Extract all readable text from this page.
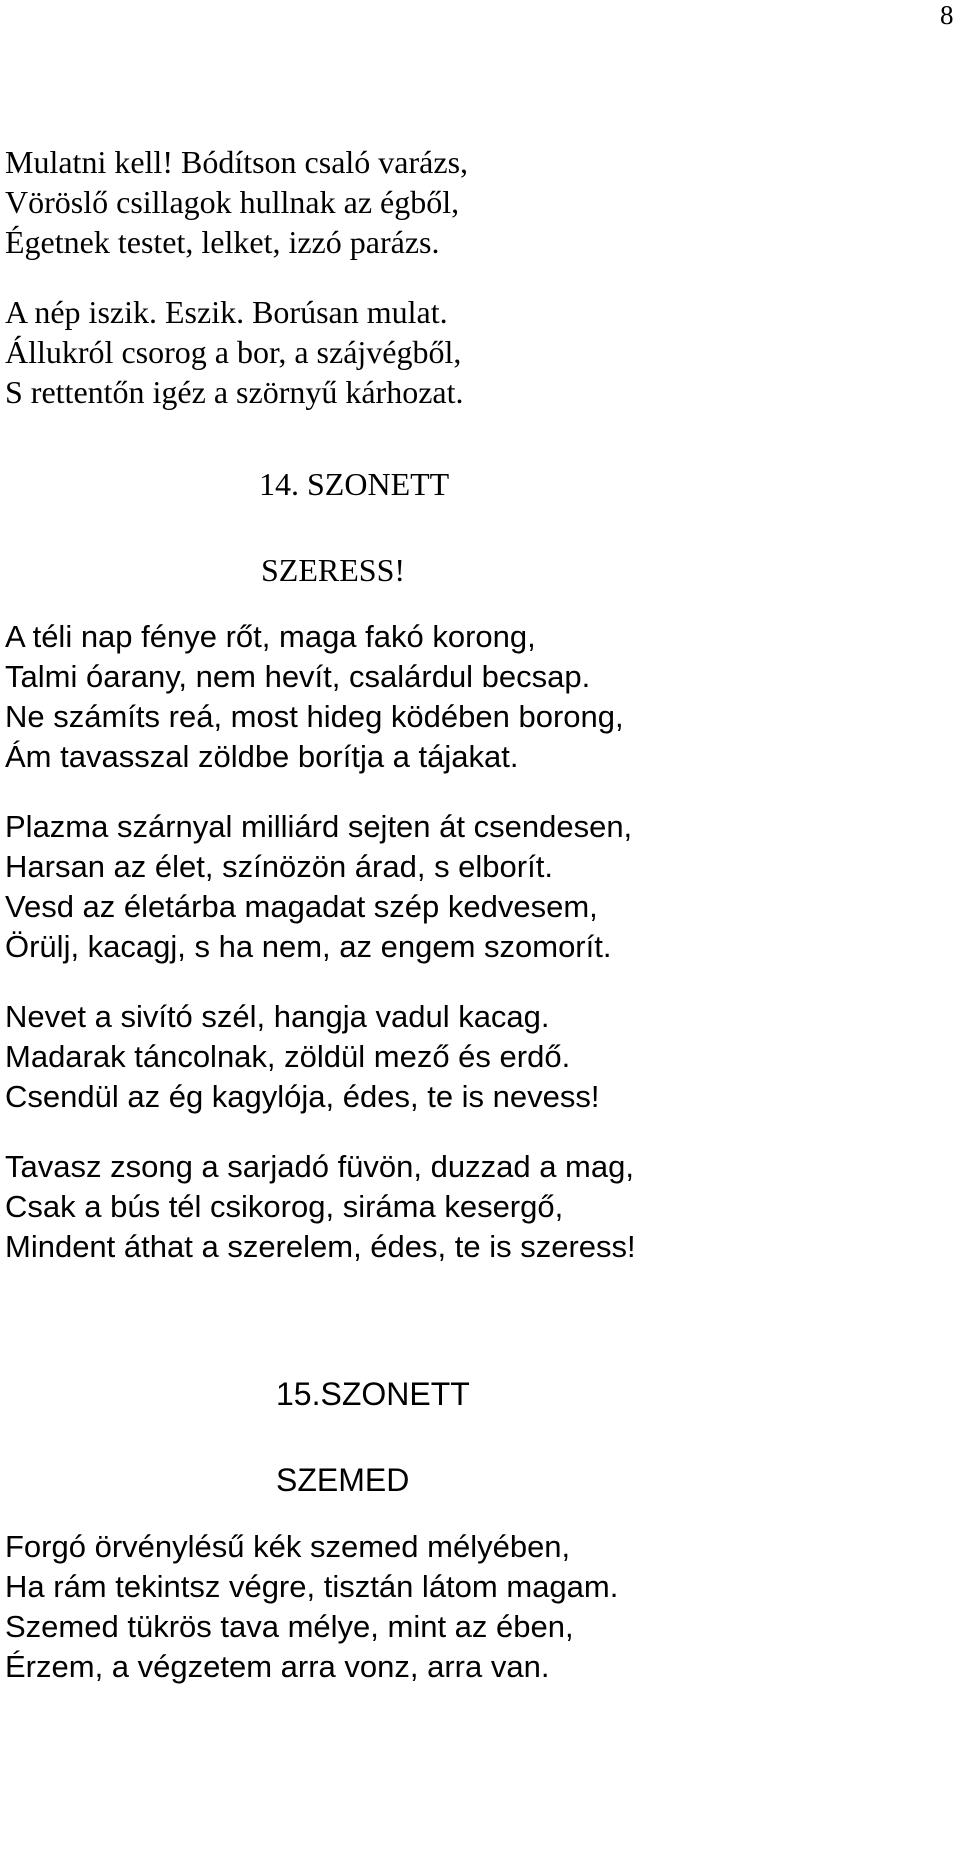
8
Mulatni kell! Bódítson csaló varázs,
Vöröslő csillagok hullnak az égből,
Égetnek testet, lelket, izzó parázs.
A nép iszik. Eszik. Borúsan mulat.
Állukról csorog a bor, a szájvégből,
S rettentőn igéz a szörnyű kárhozat.
14. SZONETT
SZERESS!
A téli nap fénye rőt, maga fakó korong,
Talmi óarany, nem hevít, csalárdul becsap.
Ne számíts reá, most hideg ködében borong,
Ám tavasszal zöldbe borítja a tájakat.
Plazma szárnyal milliárd sejten át csendesen,
Harsan az élet, színözön árad, s elborít.
Vesd az életárba magadat szép kedvesem,
Örülj, kacagj, s ha nem, az engem szomorít.
Nevet a sivító szél, hangja vadul kacag.
Madarak táncolnak, zöldül mező és erdő.
Csendül az ég kagylója, édes, te is nevess!
Tavasz zsong a sarjadó füvön, duzzad a mag,
Csak a bús tél csikorog, siráma kesergő,
Mindent áthat a szerelem, édes, te is szeress!
15.SZONETT
SZEMED
Forgó örvénylésű kék szemed mélyében,
Ha rám tekintsz végre, tisztán látom magam.
Szemed tükrös tava mélye, mint az ében,
Érzem, a végzetem arra vonz, arra van.
